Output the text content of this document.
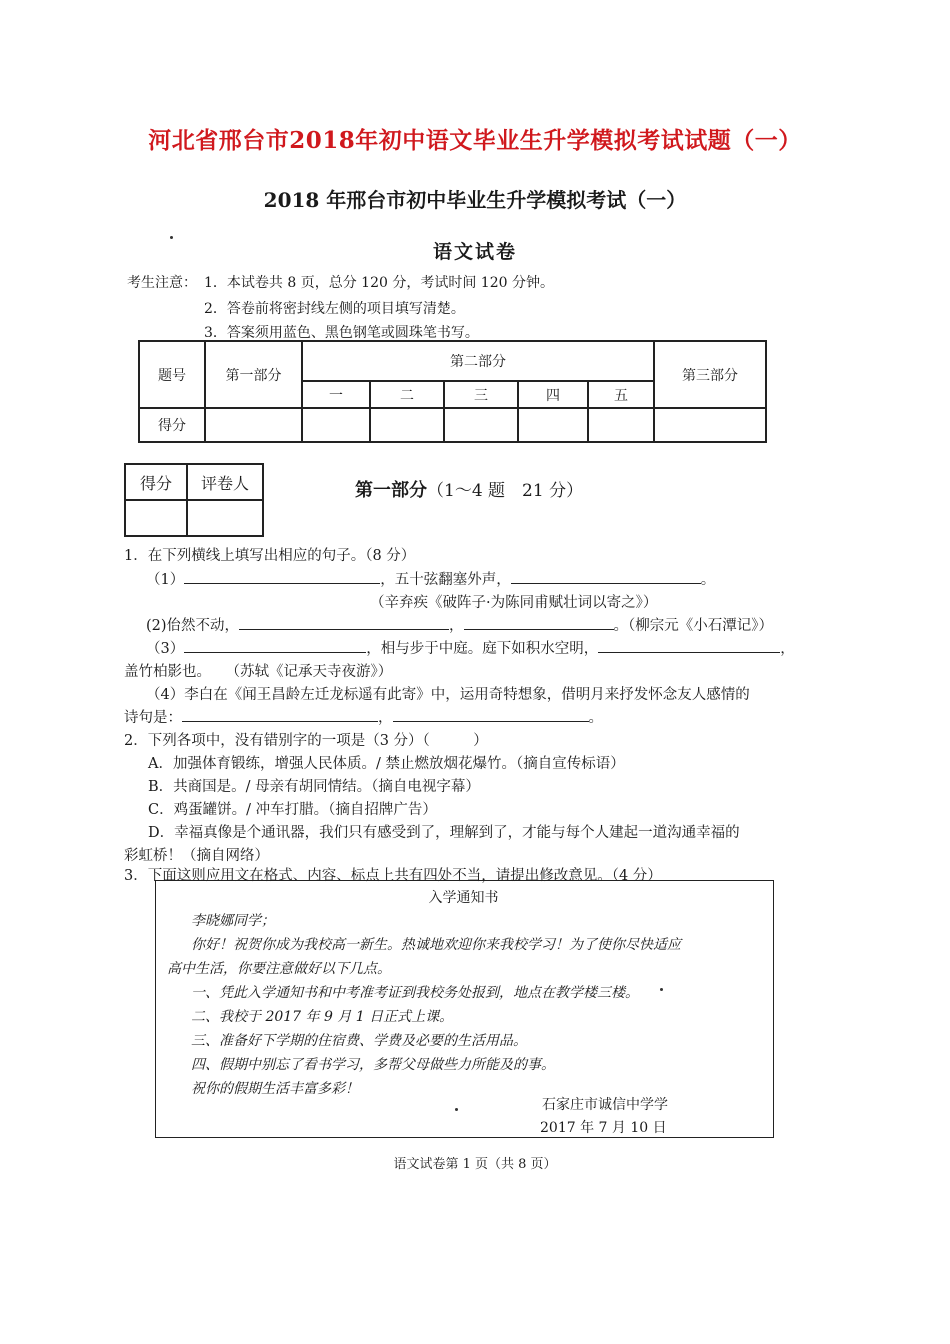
河北省邢台市2018年初中语文毕业生升学模拟考试试题（一）
2018 年邢台市初中毕业生升学模拟考试（一）
语文试卷
考生注意： 1．本试卷共 8 页，总分 120 分，考试时间 120 分钟。
2．答卷前将密封线左侧的项目填写清楚。
3．答案须用蓝色、黑色钢笔或圆珠笔书写。
题号	第一部分	第二部分					第三部分
		一	二	三	四	五	
得分							
得分	评卷人
		第一部分（1～4 题　21 分）
1．在下列横线上填写出相应的句子。（8 分）
（1）	，五十弦翻塞外声，	。
（辛弃疾《破阵子·为陈同甫赋壮词以寄之》）
(2)佁然不动，	，	。（柳宗元《小石潭记》）
（3）	，相与步于中庭。庭下如积水空明，	，
盖竹柏影也。　　（苏轼《记承天寺夜游》）
（4）李白在《闻王昌龄左迁龙标遥有此寄》中，运用奇特想象，借明月来抒发怀念友人感情的
诗句是：	，	。
2．下列各项中，没有错别字的一项是（3 分）（　　　）
A．加强体育锻练，增强人民体质。/ 禁止燃放烟花爆竹。（摘自宣传标语）
B．共商国是。/ 母亲有胡同情结。（摘自电视字幕）
C．鸡蛋罐饼。/ 冲车打腊。（摘自招牌广告）
D．幸福真像是个通讯器，我们只有感受到了，理解到了，才能与每个人建起一道沟通幸福的
彩虹桥！（摘自网络）
3．下面这则应用文在格式、内容、标点上共有四处不当，请提出修改意见。（4 分）
入学通知书
李晓娜同学；
你好！祝贺你成为我校高一新生。热诚地欢迎你来我校学习！为了使你尽快适应
高中生活，你要注意做好以下几点。
一、凭此入学通知书和中考准考证到我校务处报到，地点在教学楼三楼。
二、我校于 2017 年 9 月 1 日正式上课。
三、准备好下学期的住宿费、学费及必要的生活用品。
四、假期中别忘了看书学习，多帮父母做些力所能及的事。
祝你的假期生活丰富多彩！
石家庄市诚信中学学
2017 年 7 月 10 日
语文试卷第 1 页（共 8 页）
